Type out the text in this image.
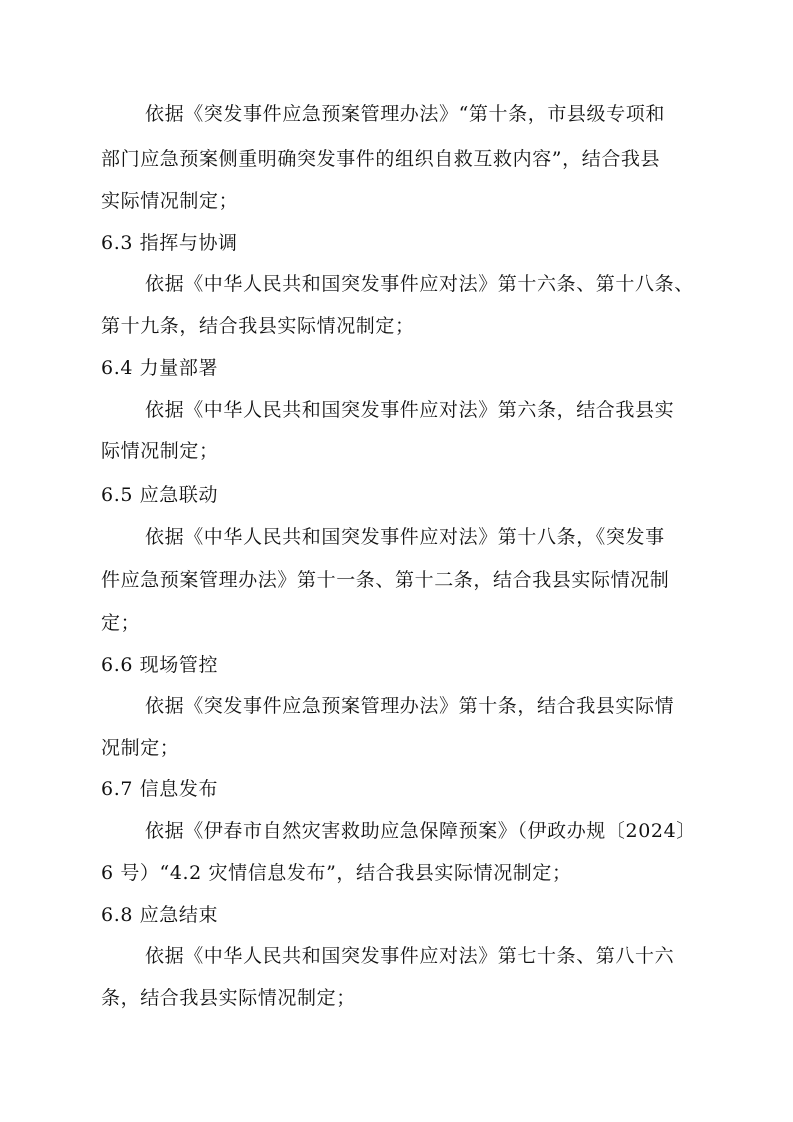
依据《突发事件应急预案管理办法》“第十条，市县级专项和
部门应急预案侧重明确突发事件的组织自救互救内容”，结合我县
实际情况制定；
6.3 指挥与协调
依据《中华人民共和国突发事件应对法》第十六条、第十八条、
第十九条，结合我县实际情况制定；
6.4 力量部署
依据《中华人民共和国突发事件应对法》第六条，结合我县实
际情况制定；
6.5 应急联动
依据《中华人民共和国突发事件应对法》第十八条，《突发事
件应急预案管理办法》第十一条、第十二条，结合我县实际情况制
定；
6.6 现场管控
依据《突发事件应急预案管理办法》第十条，结合我县实际情
况制定；
6.7 信息发布
依据《伊春市自然灾害救助应急保障预案》（伊政办规〔2024〕
6 号）“4.2 灾情信息发布”，结合我县实际情况制定；
6.8 应急结束
依据《中华人民共和国突发事件应对法》第七十条、第八十六
条，结合我县实际情况制定；
